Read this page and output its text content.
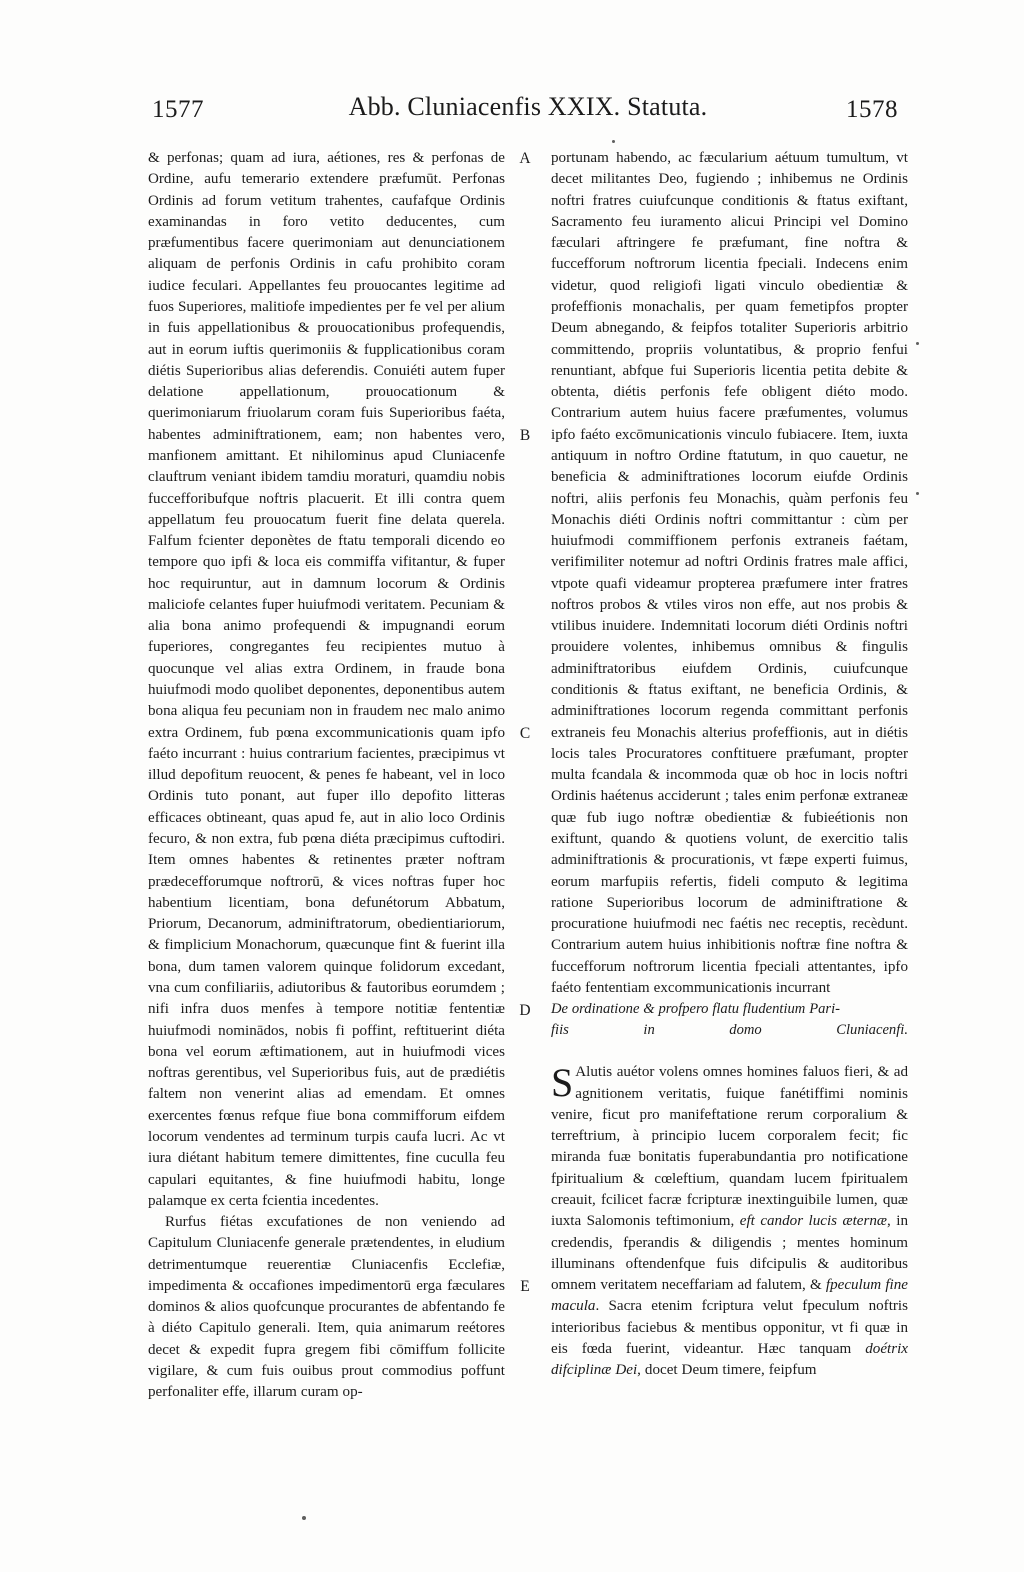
1577	Abb. Cluniacenfis XXIX. Statuta.	1578

& perfonas; quam ad iura, aétiones, res & perfonas de Ordine, aufu temerario extendere præfumūt. Perfonas Ordinis ad forum vetitum trahentes, caufafque Ordinis examinandas in foro vetito deducentes, cum præfumentibus facere querimoniam aut denunciationem aliquam de perfonis Ordinis in cafu prohibito coram iudice feculari. Appellantes feu prouocantes legitime ad fuos Superiores, malitiofe impedientes per fe vel per alium in fuis appellationibus & prouocationibus profequendis, aut in eorum iuftis querimoniis & fupplicationibus coram diétis Superioribus alias deferendis. Conuiéti autem fuper delatione appellationum, prouocationum & querimoniarum friuolarum coram fuis Superioribus faéta, habentes adminiftrationem, eam; non habentes vero, manfionem amittant. Et nihilominus apud Cluniacenfe clauftrum veniant ibidem tamdiu moraturi, quamdiu nobis fuccefforibufque noftris placuerit. Et illi contra quem appellatum feu prouocatum fuerit fine delata querela. Falfum fcienter deponètes de ftatu temporali dicendo eo tempore quo ipfi & loca eis commiffa vifitantur, & fuper hoc requiruntur, aut in damnum locorum & Ordinis maliciofe celantes fuper huiufmodi veritatem. Pecuniam & alia bona animo profequendi & impugnandi eorum fuperiores, congregantes feu recipientes mutuo à quocunque vel alias extra Ordinem, in fraude bona huiufmodi modo quolibet deponentes, deponentibus autem bona aliqua feu pecuniam non in fraudem nec malo animo extra Ordinem, fub pœna excommunicationis quam ipfo faéto incurrant : huius contrarium facientes, præcipimus vt illud depofitum reuocent, & penes fe habeant, vel in loco Ordinis tuto ponant, aut fuper illo depofito litteras efficaces obtineant, quas apud fe, aut in alio loco Ordinis fecuro, & non extra, fub pœna diéta præcipimus cuftodiri. Item omnes habentes & retinentes præter noftram prædecefforumque noftrorū, & vices noftras fuper hoc habentium licentiam, bona defunétorum Abbatum, Priorum, Decanorum, adminiftratorum, obedientiariorum, & fimplicium Monachorum, quæcunque fint & fuerint illa bona, dum tamen valorem quinque folidorum excedant, vna cum confiliariis, adiutoribus & fautoribus eorumdem ; nifi infra duos menfes à tempore notitiæ fententiæ huiufmodi nominādos, nobis fi poffint, reftituerint diéta bona vel eorum æftimationem, aut in huiufmodi vices noftras gerentibus, vel Superioribus fuis, aut de prædiétis faltem non venerint alias ad emendam. Et omnes exercentes fœnus refque fiue bona commifforum eifdem locorum vendentes ad terminum turpis caufa lucri. Ac vt iura diétant habitum temere dimittentes, fine cuculla feu capulari equitantes, & fine huiufmodi habitu, longe palamque ex certa fcientia incedentes.

Rurfus fiétas excufationes de non veniendo ad Capitulum Cluniacenfe generale prætendentes, in eludium detrimentumque reuerentiæ Cluniacenfis Ecclefiæ, impedimenta & occafiones impedimentorū erga fæculares dominos & alios quofcunque procurantes de abfentando fe à diéto Capitulo generali. Item, quia animarum reétores decet & expedit fupra gregem fibi cōmiffum follicite vigilare, & cum fuis ouibus prout commodius poffunt perfonaliter effe, illarum curam op-

portunam habendo, ac fæcularium aétuum tumultum, vt decet militantes Deo, fugiendo ; inhibemus ne Ordinis noftri fratres cuiufcunque conditionis & ftatus exiftant, Sacramento feu iuramento alicui Principi vel Domino fæculari aftringere fe præfumant, fine noftra & fuccefforum noftrorum licentia fpeciali. Indecens enim videtur, quod religiofi ligati vinculo obedientiæ & profeffionis monachalis, per quam femetipfos propter Deum abnegando, & feipfos totaliter Superioris arbitrio committendo, propriis voluntatibus, & proprio fenfui renuntiant, abfque fui Superioris licentia petita debite & obtenta, diétis perfonis fefe obligent diéto modo. Contrarium autem huius facere præfumentes, volumus ipfo faéto excōmunicationis vinculo fubiacere. Item, iuxta antiquum in noftro Ordine ftatutum, in quo cauetur, ne beneficia & adminiftrationes locorum eiufde Ordinis noftri, aliis perfonis feu Monachis, quàm perfonis feu Monachis diéti Ordinis noftri committantur : cùm per huiufmodi commiffionem perfonis extraneis faétam, verifimiliter notemur ad noftri Ordinis fratres male affici, vtpote quafi videamur propterea præfumere inter fratres noftros probos & vtiles viros non effe, aut nos probis & vtilibus inuidere. Indemnitati locorum diéti Ordinis noftri prouidere volentes, inhibemus omnibus & fingulis adminiftratoribus eiufdem Ordinis, cuiufcunque conditionis & ftatus exiftant, ne beneficia Ordinis, & adminiftrationes locorum regenda committant perfonis extraneis feu Monachis alterius profeffionis, aut in diétis locis tales Procuratores conftituere præfumant, propter multa fcandala & incommoda quæ ob hoc in locis noftri Ordinis haétenus acciderunt ; tales enim perfonæ extraneæ quæ fub iugo noftræ obedientiæ & fubieétionis non exiftunt, quando & quotiens volunt, de exercitio talis adminiftrationis & procurationis, vt fæpe experti fuimus, eorum marfupiis refertis, fideli computo & legitima ratione Superioribus locorum de adminiftratione & procuratione huiufmodi nec faétis nec receptis, recèdunt. Contrarium autem huius inhibitionis noftræ fine noftra & fuccefforum noftrorum licentia fpeciali attentantes, ipfo faéto fententiam excommunicationis incurrant

De ordinatione & profpero flatu fludentium Pari-
fiis in domo Cluniacenfi.

S Alutis auétor volens omnes homines faluos fieri, & ad agnitionem veritatis, fuique fanétiffimi nominis venire, ficut pro manifeftatione rerum corporalium & terreftrium, à principio lucem corporalem fecit; fic miranda fuæ bonitatis fuperabundantia pro notificatione fpiritualium & cœleftium, quandam lucem fpiritualem creauit, fcilicet facræ fcripturæ inextinguibile lumen, quæ iuxta Salomonis teftimonium, eft candor lucis æternæ, in credendis, fperandis & diligendis ; mentes hominum illuminans oftendenfque fuis difcipulis & auditoribus omnem veritatem neceffariam ad falutem, & fpeculum fine macula. Sacra etenim fcriptura velut fpeculum noftris interioribus faciebus & mentibus opponitur, vt fi quæ in eis fœda fuerint, videantur. Hæc tanquam doétrix difciplinæ Dei, docet Deum timere, feipfum

A
B
C
D
E
